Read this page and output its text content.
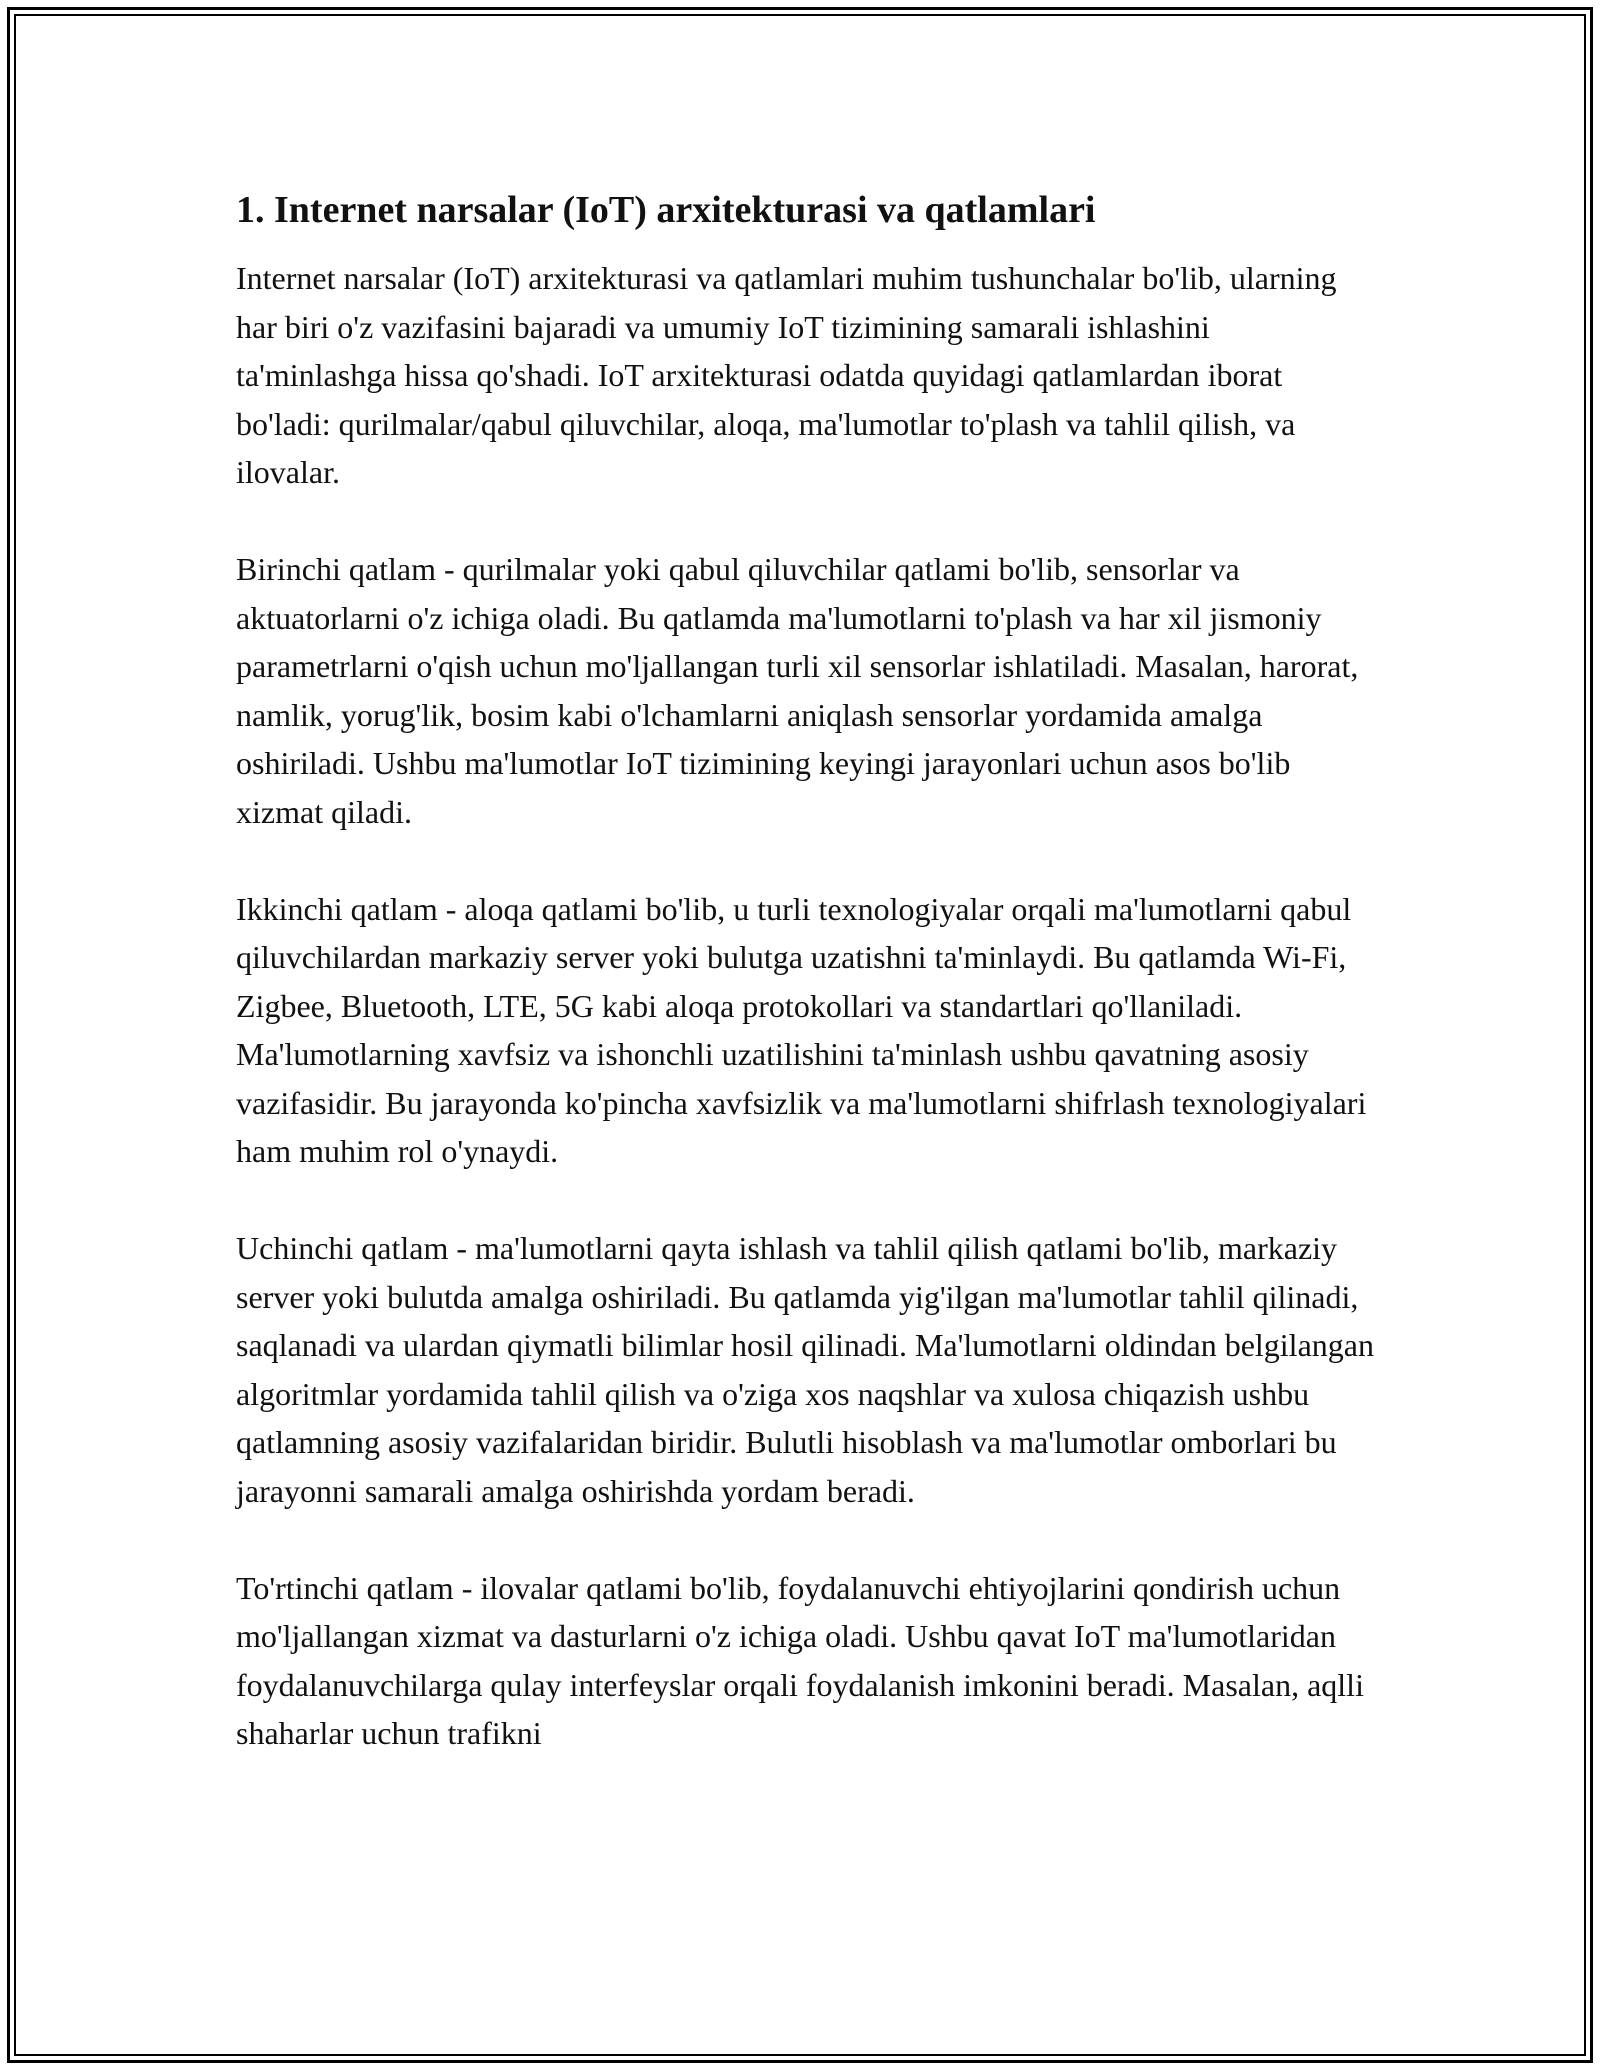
1. Internet narsalar (IoT) arxitekturasi va qatlamlari

Internet narsalar (IoT) arxitekturasi va qatlamlari muhim tushunchalar bo'lib, ularning har biri o'z vazifasini bajaradi va umumiy IoT tizimining samarali ishlashini ta'minlashga hissa qo'shadi. IoT arxitekturasi odatda quyidagi qatlamlardan iborat bo'ladi: qurilmalar/qabul qiluvchilar, aloqa, ma'lumotlar to'plash va tahlil qilish, va ilovalar.

Birinchi qatlam - qurilmalar yoki qabul qiluvchilar qatlami bo'lib, sensorlar va aktuatorlarni o'z ichiga oladi. Bu qatlamda ma'lumotlarni to'plash va har xil jismoniy parametrlarni o'qish uchun mo'ljallangan turli xil sensorlar ishlatiladi. Masalan, harorat, namlik, yorug'lik, bosim kabi o'lchamlarni aniqlash sensorlar yordamida amalga oshiriladi. Ushbu ma'lumotlar IoT tizimining keyingi jarayonlari uchun asos bo'lib xizmat qiladi.

Ikkinchi qatlam - aloqa qatlami bo'lib, u turli texnologiyalar orqali ma'lumotlarni qabul qiluvchilardan markaziy server yoki bulutga uzatishni ta'minlaydi. Bu qatlamda Wi-Fi, Zigbee, Bluetooth, LTE, 5G kabi aloqa protokollari va standartlari qo'llaniladi. Ma'lumotlarning xavfsiz va ishonchli uzatilishini ta'minlash ushbu qavatning asosiy vazifasidir. Bu jarayonda ko'pincha xavfsizlik va ma'lumotlarni shifrlash texnologiyalari ham muhim rol o'ynaydi.

Uchinchi qatlam - ma'lumotlarni qayta ishlash va tahlil qilish qatlami bo'lib, markaziy server yoki bulutda amalga oshiriladi. Bu qatlamda yig'ilgan ma'lumotlar tahlil qilinadi, saqlanadi va ulardan qiymatli bilimlar hosil qilinadi. Ma'lumotlarni oldindan belgilangan algoritmlar yordamida tahlil qilish va o'ziga xos naqshlar va xulosa chiqazish ushbu qatlamning asosiy vazifalaridan biridir. Bulutli hisoblash va ma'lumotlar omborlari bu jarayonni samarali amalga oshirishda yordam beradi.

To'rtinchi qatlam - ilovalar qatlami bo'lib, foydalanuvchi ehtiyojlarini qondirish uchun mo'ljallangan xizmat va dasturlarni o'z ichiga oladi. Ushbu qavat IoT ma'lumotlaridan foydalanuvchilarga qulay interfeyslar orqali foydalanish imkonini beradi. Masalan, aqlli shaharlar uchun trafikni
